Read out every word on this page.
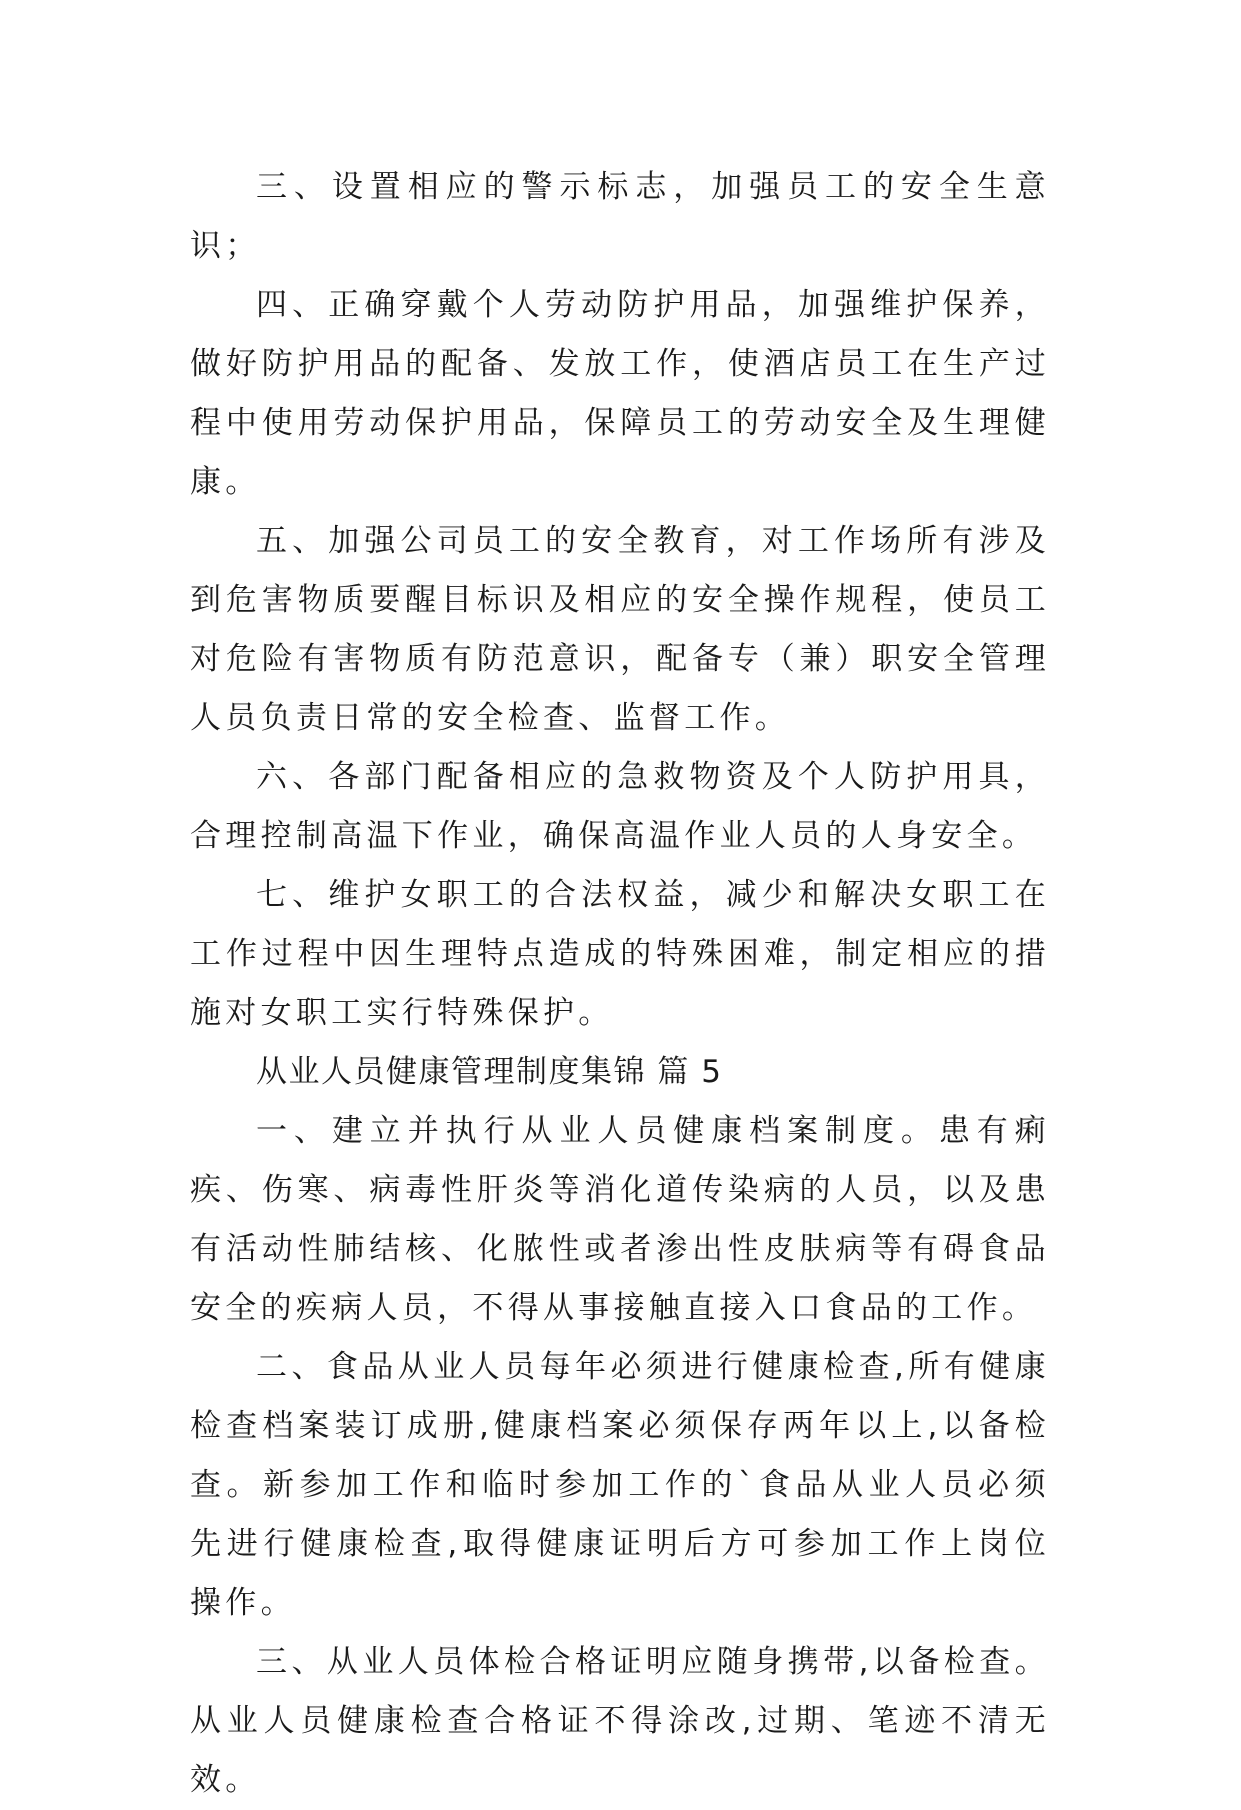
三、设置相应的警示标志，加强员工的安全生意识；

四、正确穿戴个人劳动防护用品，加强维护保养，做好防护用品的配备、发放工作，使酒店员工在生产过程中使用劳动保护用品，保障员工的劳动安全及生理健康。

五、加强公司员工的安全教育，对工作场所有涉及到危害物质要醒目标识及相应的安全操作规程，使员工对危险有害物质有防范意识，配备专（兼）职安全管理人员负责日常的安全检查、监督工作。

六、各部门配备相应的急救物资及个人防护用具，合理控制高温下作业，确保高温作业人员的人身安全。

七、维护女职工的合法权益，减少和解决女职工在工作过程中因生理特点造成的特殊困难，制定相应的措施对女职工实行特殊保护。

从业人员健康管理制度集锦 篇 5

一、建立并执行从业人员健康档案制度。患有痢疾、伤寒、病毒性肝炎等消化道传染病的人员，以及患有活动性肺结核、化脓性或者渗出性皮肤病等有碍食品安全的疾病人员，不得从事接触直接入口食品的工作。

二、食品从业人员每年必须进行健康检查,所有健康检查档案装订成册,健康档案必须保存两年以上,以备检查。新参加工作和临时参加工作的`食品从业人员必须先进行健康检查,取得健康证明后方可参加工作上岗位操作。

三、从业人员体检合格证明应随身携带,以备检查。从业人员健康检查合格证不得涂改,过期、笔迹不清无效。
